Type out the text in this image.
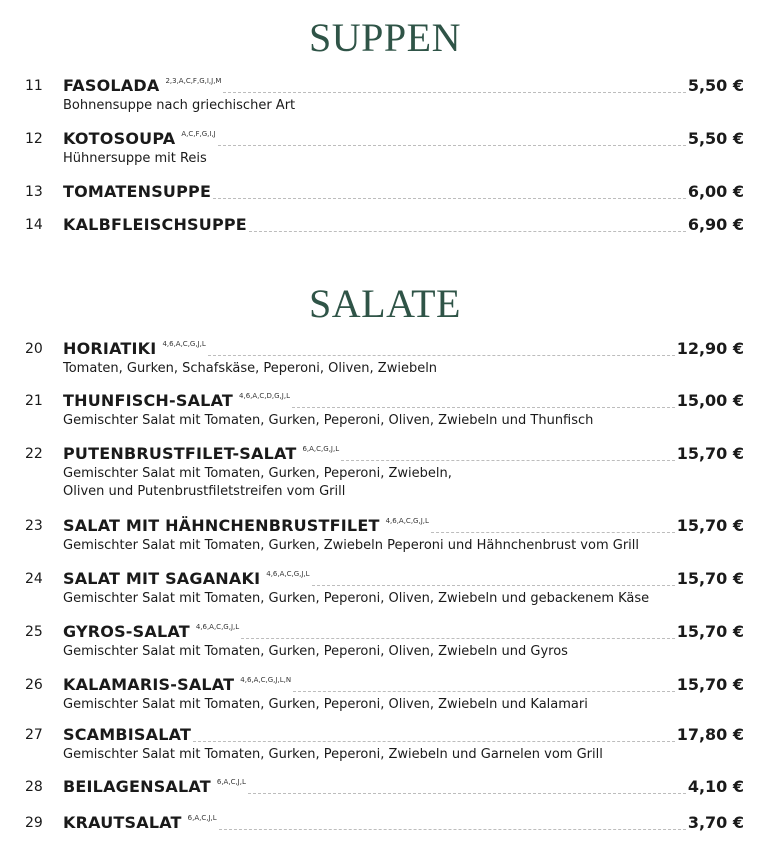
SUPPEN
SALATE
11 FASOLADA 2,3,A,C,F,G,I,J,M	5,50 €
Bohnensuppe nach griechischer Art
12 KOTOSOUPA A,C,F,G,I,J	5,50 €
Hühnersuppe mit Reis
13 TOMATENSUPPE	6,00 €
14 KALBFLEISCHSUPPE	6,90 €
20 HORIATIKI 4,6,A,C,G,J,L	12,90 €
Tomaten, Gurken, Schafskäse, Peperoni, Oliven, Zwiebeln
21 THUNFISCH-SALAT 4,6,A,C,D,G,J,L	15,00 €
Gemischter Salat mit Tomaten, Gurken, Peperoni, Oliven, Zwiebeln und Thunfisch
22 PUTENBRUSTFILET-SALAT 6,A,C,G,J,L	15,70 €
Gemischter Salat mit Tomaten, Gurken, Peperoni, Zwiebeln,
Oliven und Putenbrustfiletstreifen vom Grill
23 SALAT MIT HÄHNCHENBRUSTFILET 4,6,A,C,G,J,L	15,70 €
Gemischter Salat mit Tomaten, Gurken, Zwiebeln Peperoni und Hähnchenbrust vom Grill
24 SALAT MIT SAGANAKI 4,6,A,C,G,J,L	15,70 €
Gemischter Salat mit Tomaten, Gurken, Peperoni, Oliven, Zwiebeln und gebackenem Käse
25 GYROS-SALAT 4,6,A,C,G,J,L	15,70 €
Gemischter Salat mit Tomaten, Gurken, Peperoni, Oliven, Zwiebeln und Gyros
26 KALAMARIS-SALAT 4,6,A,C,G,J,L,N	15,70 €
Gemischter Salat mit Tomaten, Gurken, Peperoni, Oliven, Zwiebeln und Kalamari
27 SCAMBISALAT	17,80 €
Gemischter Salat mit Tomaten, Gurken, Peperoni, Zwiebeln und Garnelen vom Grill
28 BEILAGENSALAT 6,A,C,J,L	4,10 €
29 KRAUTSALAT 6,A,C,J,L	3,70 €
